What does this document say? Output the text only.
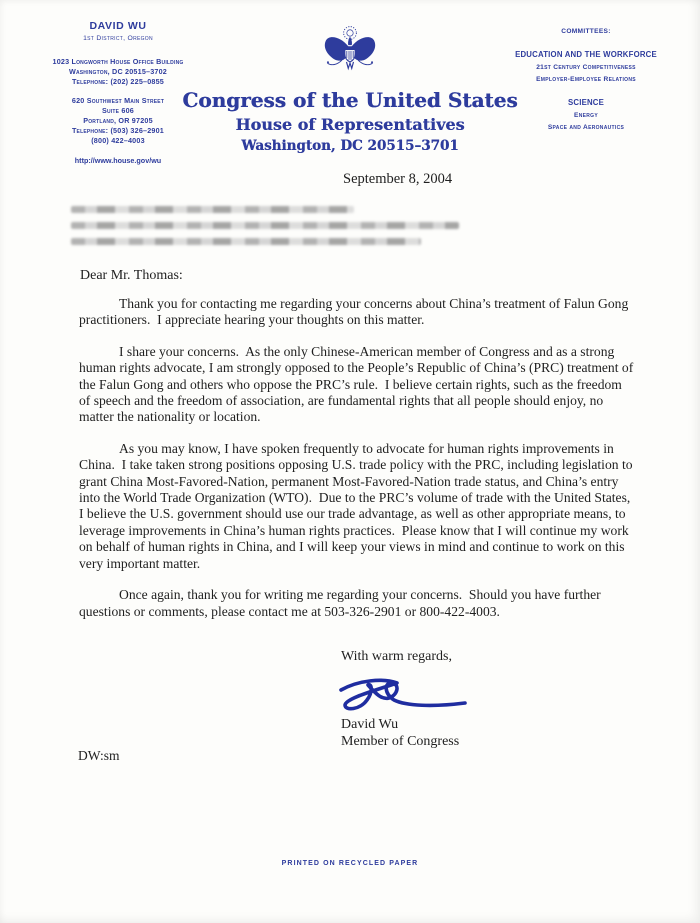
DAVID WU
1st District, Oregon
1023 Longworth House Office Building
Washington, DC 20515–3702
Telephone: (202) 225–0855
620 Southwest Main Street
Suite 606
Portland, OR 97205
Telephone: (503) 326–2901
(800) 422–4003
http://www.house.gov/wu
Congress of the United States
House of Representatives
Washington, DC 20515–3701
COMMITTEES:
EDUCATION AND THE WORKFORCE
21st Century Competitiveness
Employer-Employee Relations
SCIENCE
Energy
Space and Aeronautics
September 8, 2004
Dear Mr. Thomas:

Thank you for contacting me regarding your concerns about China’s treatment of Falun Gong practitioners.  I appreciate hearing your thoughts on this matter.

I share your concerns.  As the only Chinese-American member of Congress and as a strong human rights advocate, I am strongly opposed to the People’s Republic of China’s (PRC) treatment of the Falun Gong and others who oppose the PRC’s rule.  I believe certain rights, such as the freedom of speech and the freedom of association, are fundamental rights that all people should enjoy, no matter the nationality or location.

As you may know, I have spoken frequently to advocate for human rights improvements in China.  I take taken strong positions opposing U.S. trade policy with the PRC, including legislation to grant China Most-Favored-Nation, permanent Most-Favored-Nation trade status, and China’s entry into the World Trade Organization (WTO).  Due to the PRC’s volume of trade with the United States, I believe the U.S. government should use our trade advantage, as well as other appropriate means, to leverage improvements in China’s human rights practices.  Please know that I will continue my work on behalf of human rights in China, and I will keep your views in mind and continue to work on this very important matter.

Once again, thank you for writing me regarding your concerns.  Should you have further questions or comments, please contact me at 503-326-2901 or 800-422-4003.

With warm regards,
David Wu
Member of Congress
DW:sm
PRINTED ON RECYCLED PAPER
